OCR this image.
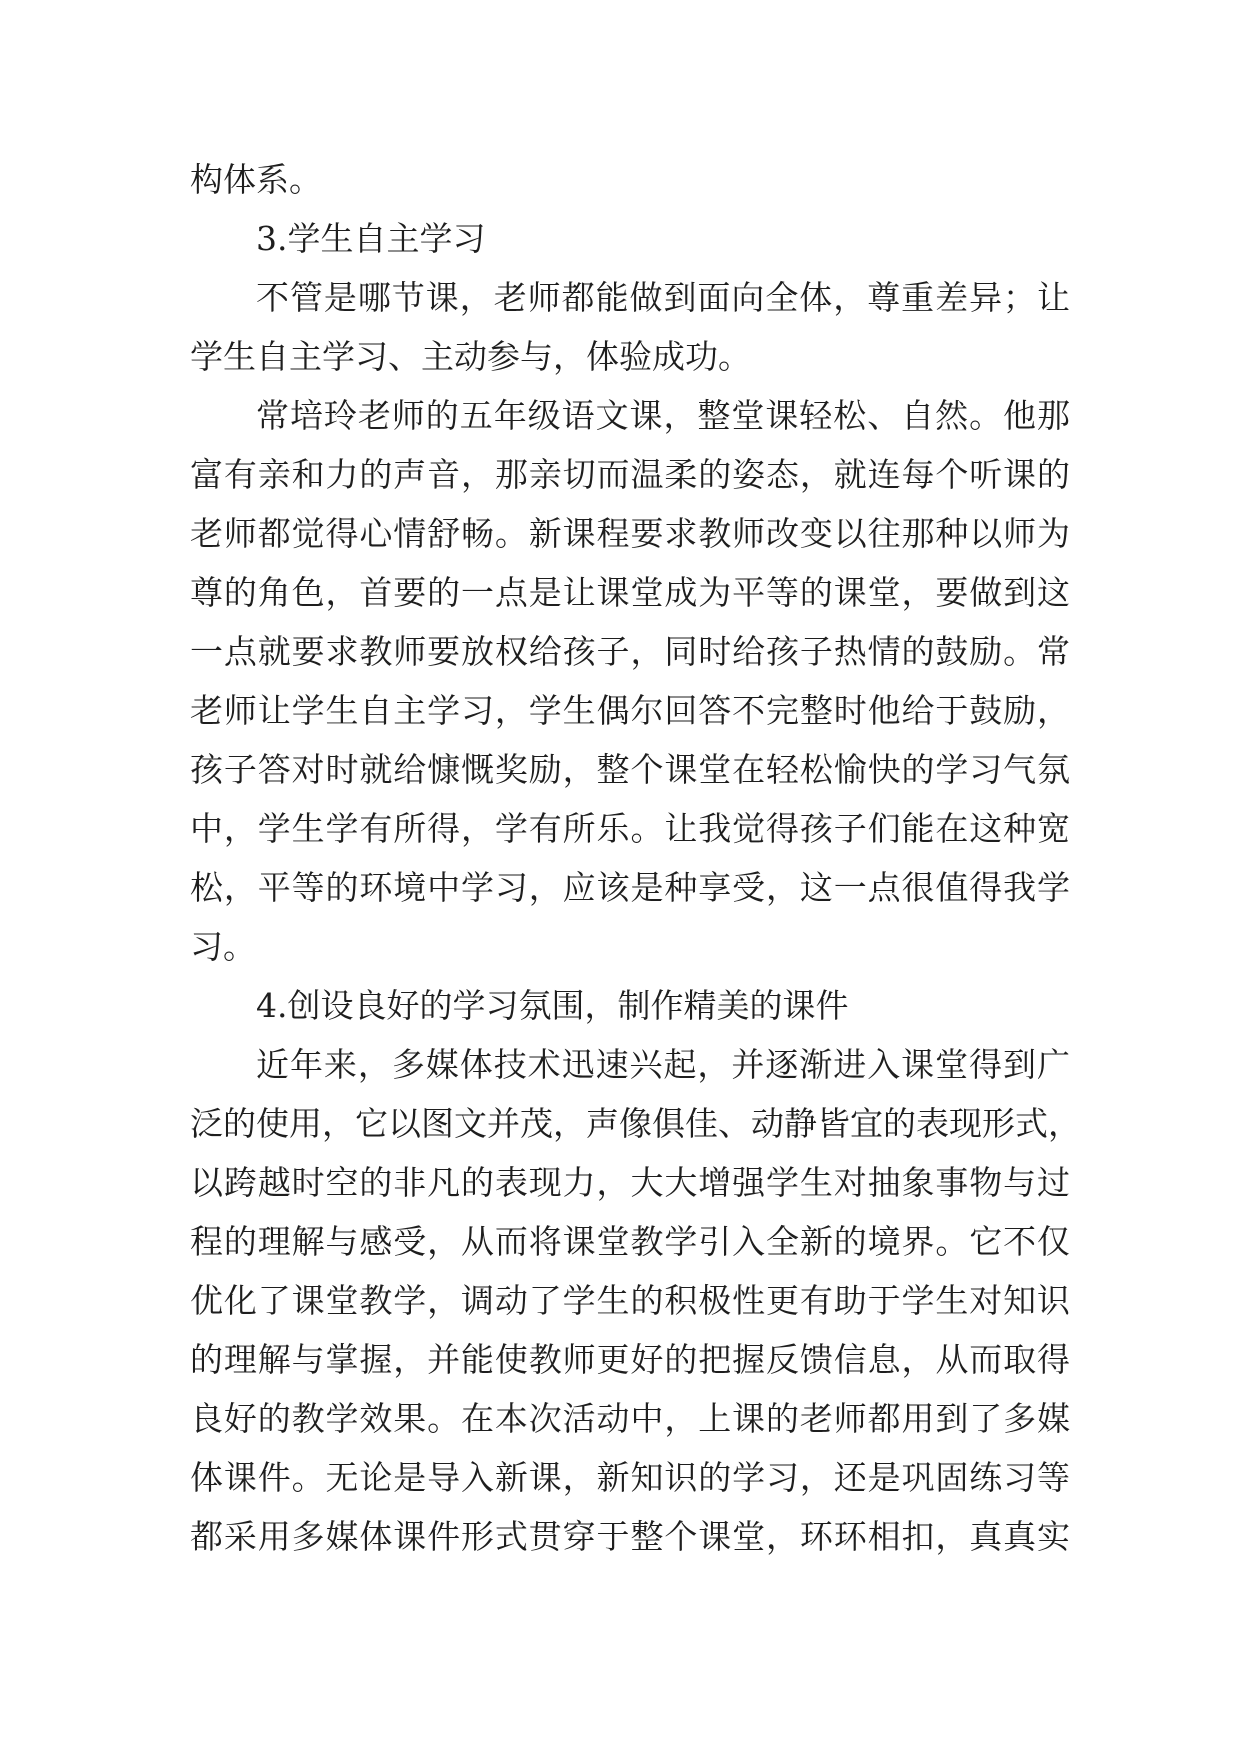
构体系。
3.学生自主学习
不管是哪节课，老师都能做到面向全体，尊重差异；让
学生自主学习、主动参与，体验成功。
常培玲老师的五年级语文课，整堂课轻松、自然。他那
富有亲和力的声音，那亲切而温柔的姿态，就连每个听课的
老师都觉得心情舒畅。新课程要求教师改变以往那种以师为
尊的角色，首要的一点是让课堂成为平等的课堂，要做到这
一点就要求教师要放权给孩子，同时给孩子热情的鼓励。常
老师让学生自主学习，学生偶尔回答不完整时他给于鼓励，
孩子答对时就给慷慨奖励，整个课堂在轻松愉快的学习气氛
中，学生学有所得，学有所乐。让我觉得孩子们能在这种宽
松，平等的环境中学习，应该是种享受，这一点很值得我学
习。
4.创设良好的学习氛围，制作精美的课件
近年来，多媒体技术迅速兴起，并逐渐进入课堂得到广
泛的使用，它以图文并茂，声像俱佳、动静皆宜的表现形式，
以跨越时空的非凡的表现力，大大增强学生对抽象事物与过
程的理解与感受，从而将课堂教学引入全新的境界。它不仅
优化了课堂教学，调动了学生的积极性更有助于学生对知识
的理解与掌握，并能使教师更好的把握反馈信息，从而取得
良好的教学效果。在本次活动中，上课的老师都用到了多媒
体课件。无论是导入新课，新知识的学习，还是巩固练习等
都采用多媒体课件形式贯穿于整个课堂，环环相扣，真真实
